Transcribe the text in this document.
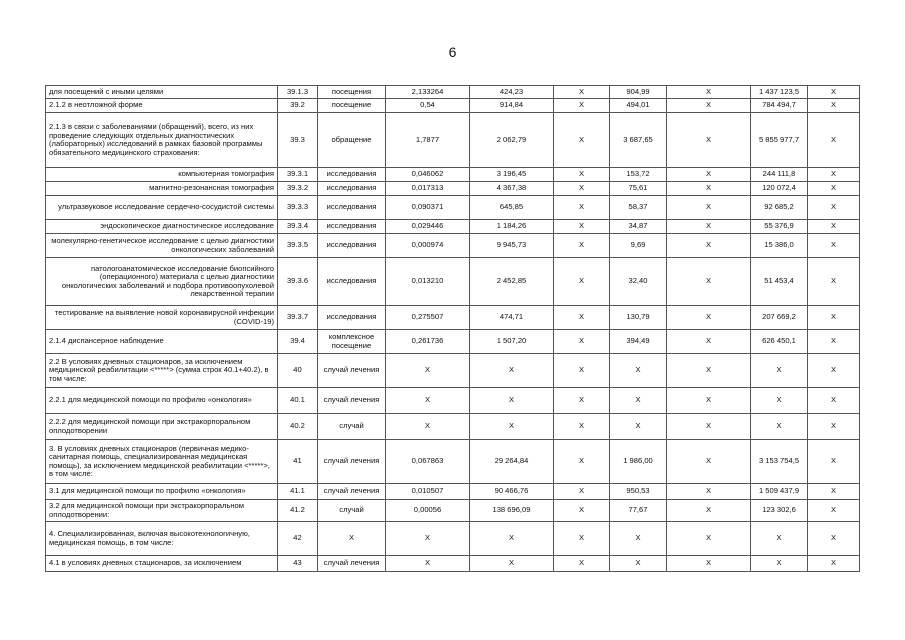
6
для посещений с иными целями	39.1.3	посещения	2,133264	424,23	X	904,99	X	1 437 123,5	X
2.1.2 в неотложной форме	39.2	посещение	0,54	914,84	X	494,01	X	784 494,7	X
2.1.3 в связи с заболеваниями (обращений), всего, из них проведение следующих отдельных диагностических (лабораторных) исследований в рамках базовой программы обязательного медицинского страхования:	39.3	обращение	1,7877	2 062,79	X	3 687,65	X	5 855 977,7	X
компьютерная томография	39.3.1	исследования	0,046062	3 196,45	X	153,72	X	244 111,8	X
магнитно-резонансная томография	39.3.2	исследования	0,017313	4 367,38	X	75,61	X	120 072,4	X
ультразвуковое исследование сердечно-сосудистой системы	39.3.3	исследования	0,090371	645,85	X	58,37	X	92 685,2	X
эндоскопическое диагностическое исследование	39.3.4	исследования	0,029446	1 184,26	X	34,87	X	55 376,9	X
молекулярно-генетическое исследование с целью диагностики онкологических заболеваний	39.3.5	исследования	0,000974	9 945,73	X	9,69	X	15 386,0	X
патологоанатомическое исследование биопсийного (операционного) материала с целью диагностики онкологических заболеваний и подбора противоопухолевой лекарственной терапии	39.3.6	исследования	0,013210	2 452,85	X	32,40	X	51 453,4	X
тестирование на выявление новой коронавирусной инфекции (COVID-19)	39.3.7	исследования	0,275507	474,71	X	130,79	X	207 669,2	X
2.1.4 диспансерное наблюдение	39.4	комплексное посещение	0,261736	1 507,20	X	394,49	X	626 450,1	X
2.2 В условиях дневных стационаров, за исключением медицинской реабилитации <*****> (сумма строк 40.1+40.2), в том числе:	40	случай лечения	X	X	X	X	X	X	X
2.2.1 для медицинской помощи по профилю «онкология»	40.1	случай лечения	X	X	X	X	X	X	X
2.2.2 для медицинской помощи при экстракорпоральном оплодотворении	40.2	случай	X	X	X	X	X	X	X
3. В условиях дневных стационаров (первичная медико-санитарная помощь, специализированная медицинская помощь), за исключением медицинской реабилитации <*****>, в том числе:	41	случай лечения	0,067863	29 264,84	X	1 986,00	X	3 153 754,5	X
3.1 для медицинской помощи по профилю «онкология»	41.1	случай лечения	0,010507	90 466,76	X	950,53	X	1 509 437,9	X
3.2 для медицинской помощи при экстракорпоральном оплодотворении:	41.2	случай	0,00056	138 696,09	X	77,67	X	123 302,6	X
4. Специализированная, включая высокотехнологичную, медицинская помощь, в том числе:	42	X	X	X	X	X	X	X	X
4.1 в условиях дневных стационаров, за исключением	43	случай лечения	X	X	X	X	X	X	X
